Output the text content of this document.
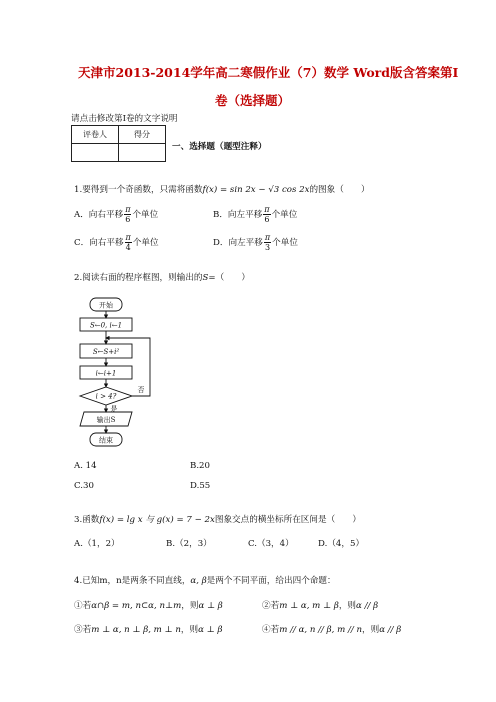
天津市2013-2014学年高二寒假作业（7）数学 Word版含答案第I
卷（选择题）
请点击修改第I卷的文字说明
评卷人	得分

一、选择题（题型注释）
1.要得到一个奇函数，只需将函数f(x) = sin 2x − √3 cos 2x的图象（　　）
A．向右平移 $\frac{\pi}{6}$ 个单位	B．向左平移 $\frac{\pi}{6}$ 个单位
C．向右平移 $\frac{\pi}{4}$ 个单位	D．向左平移 $\frac{\pi}{3}$ 个单位
2.阅读右面的程序框图，则输出的S=（　　）
开始
S←0, i←1
S←S+i²
i←i+1
i > 4?
否
是
输出S
结束
A. 14	B.20
C.30	D.55
3.函数f(x) = lg x 与 g(x) = 7 − 2x图象交点的横坐标所在区间是（　　）
A.（1，2）	B.（2，3）	C.（3，4）	D.（4，5）
4.已知m，n是两条不同直线，α, β是两个不同平面，给出四个命题：
①若α∩β = m, n⊂α, n⊥m，则α ⊥ β	②若m ⊥ α, m ⊥ β，则α // β
③若m ⊥ α, n ⊥ β, m ⊥ n，则α ⊥ β	④若m // α, n // β, m // n，则α // β
